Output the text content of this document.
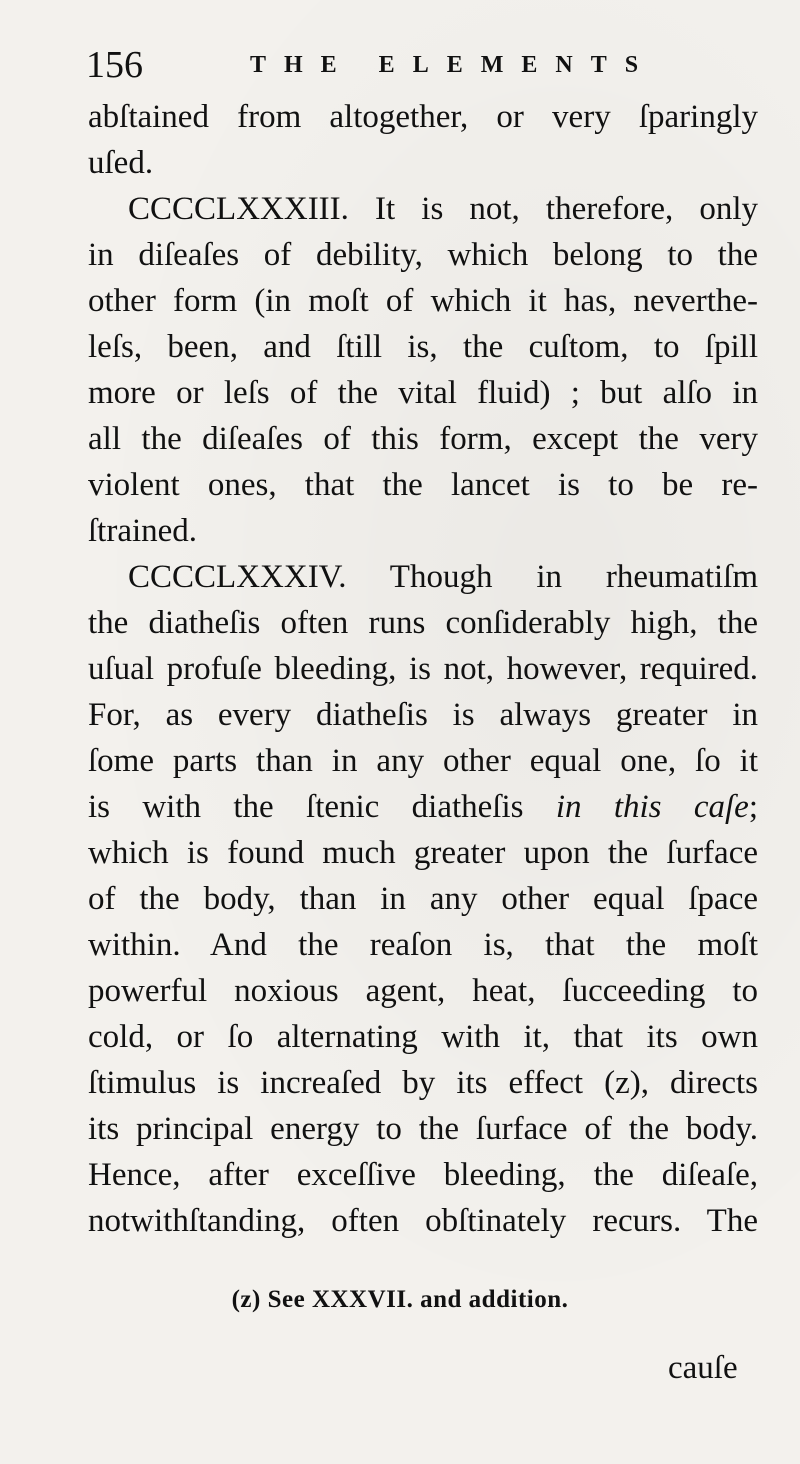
156	THE ELEMENTS
abſtained from altogether, or very ſparingly
uſed.
CCCCLXXXIII. It is not, therefore, only
in diſeaſes of debility, which belong to the
other form (in moſt of which it has, neverthe-
leſs, been, and ſtill is, the cuſtom, to ſpill
more or leſs of the vital fluid) ; but alſo in
all the diſeaſes of this form, except the very
violent ones, that the lancet is to be re-
ſtrained.
CCCCLXXXIV. Though in rheumatiſm
the diatheſis often runs conſiderably high, the
uſual profuſe bleeding, is not, however, required.
For, as every diatheſis is always greater in
ſome parts than in any other equal one, ſo it
is with the ſtenic diatheſis in this caſe;
which is found much greater upon the ſurface
of the body, than in any other equal ſpace
within. And the reaſon is, that the moſt
powerful noxious agent, heat, ſucceeding to
cold, or ſo alternating with it, that its own
ſtimulus is increaſed by its effect (z), directs
its principal energy to the ſurface of the body.
Hence, after exceſſive bleeding, the diſeaſe,
notwithſtanding, often obſtinately recurs. The
(z) See XXXVII. and addition.
cauſe
